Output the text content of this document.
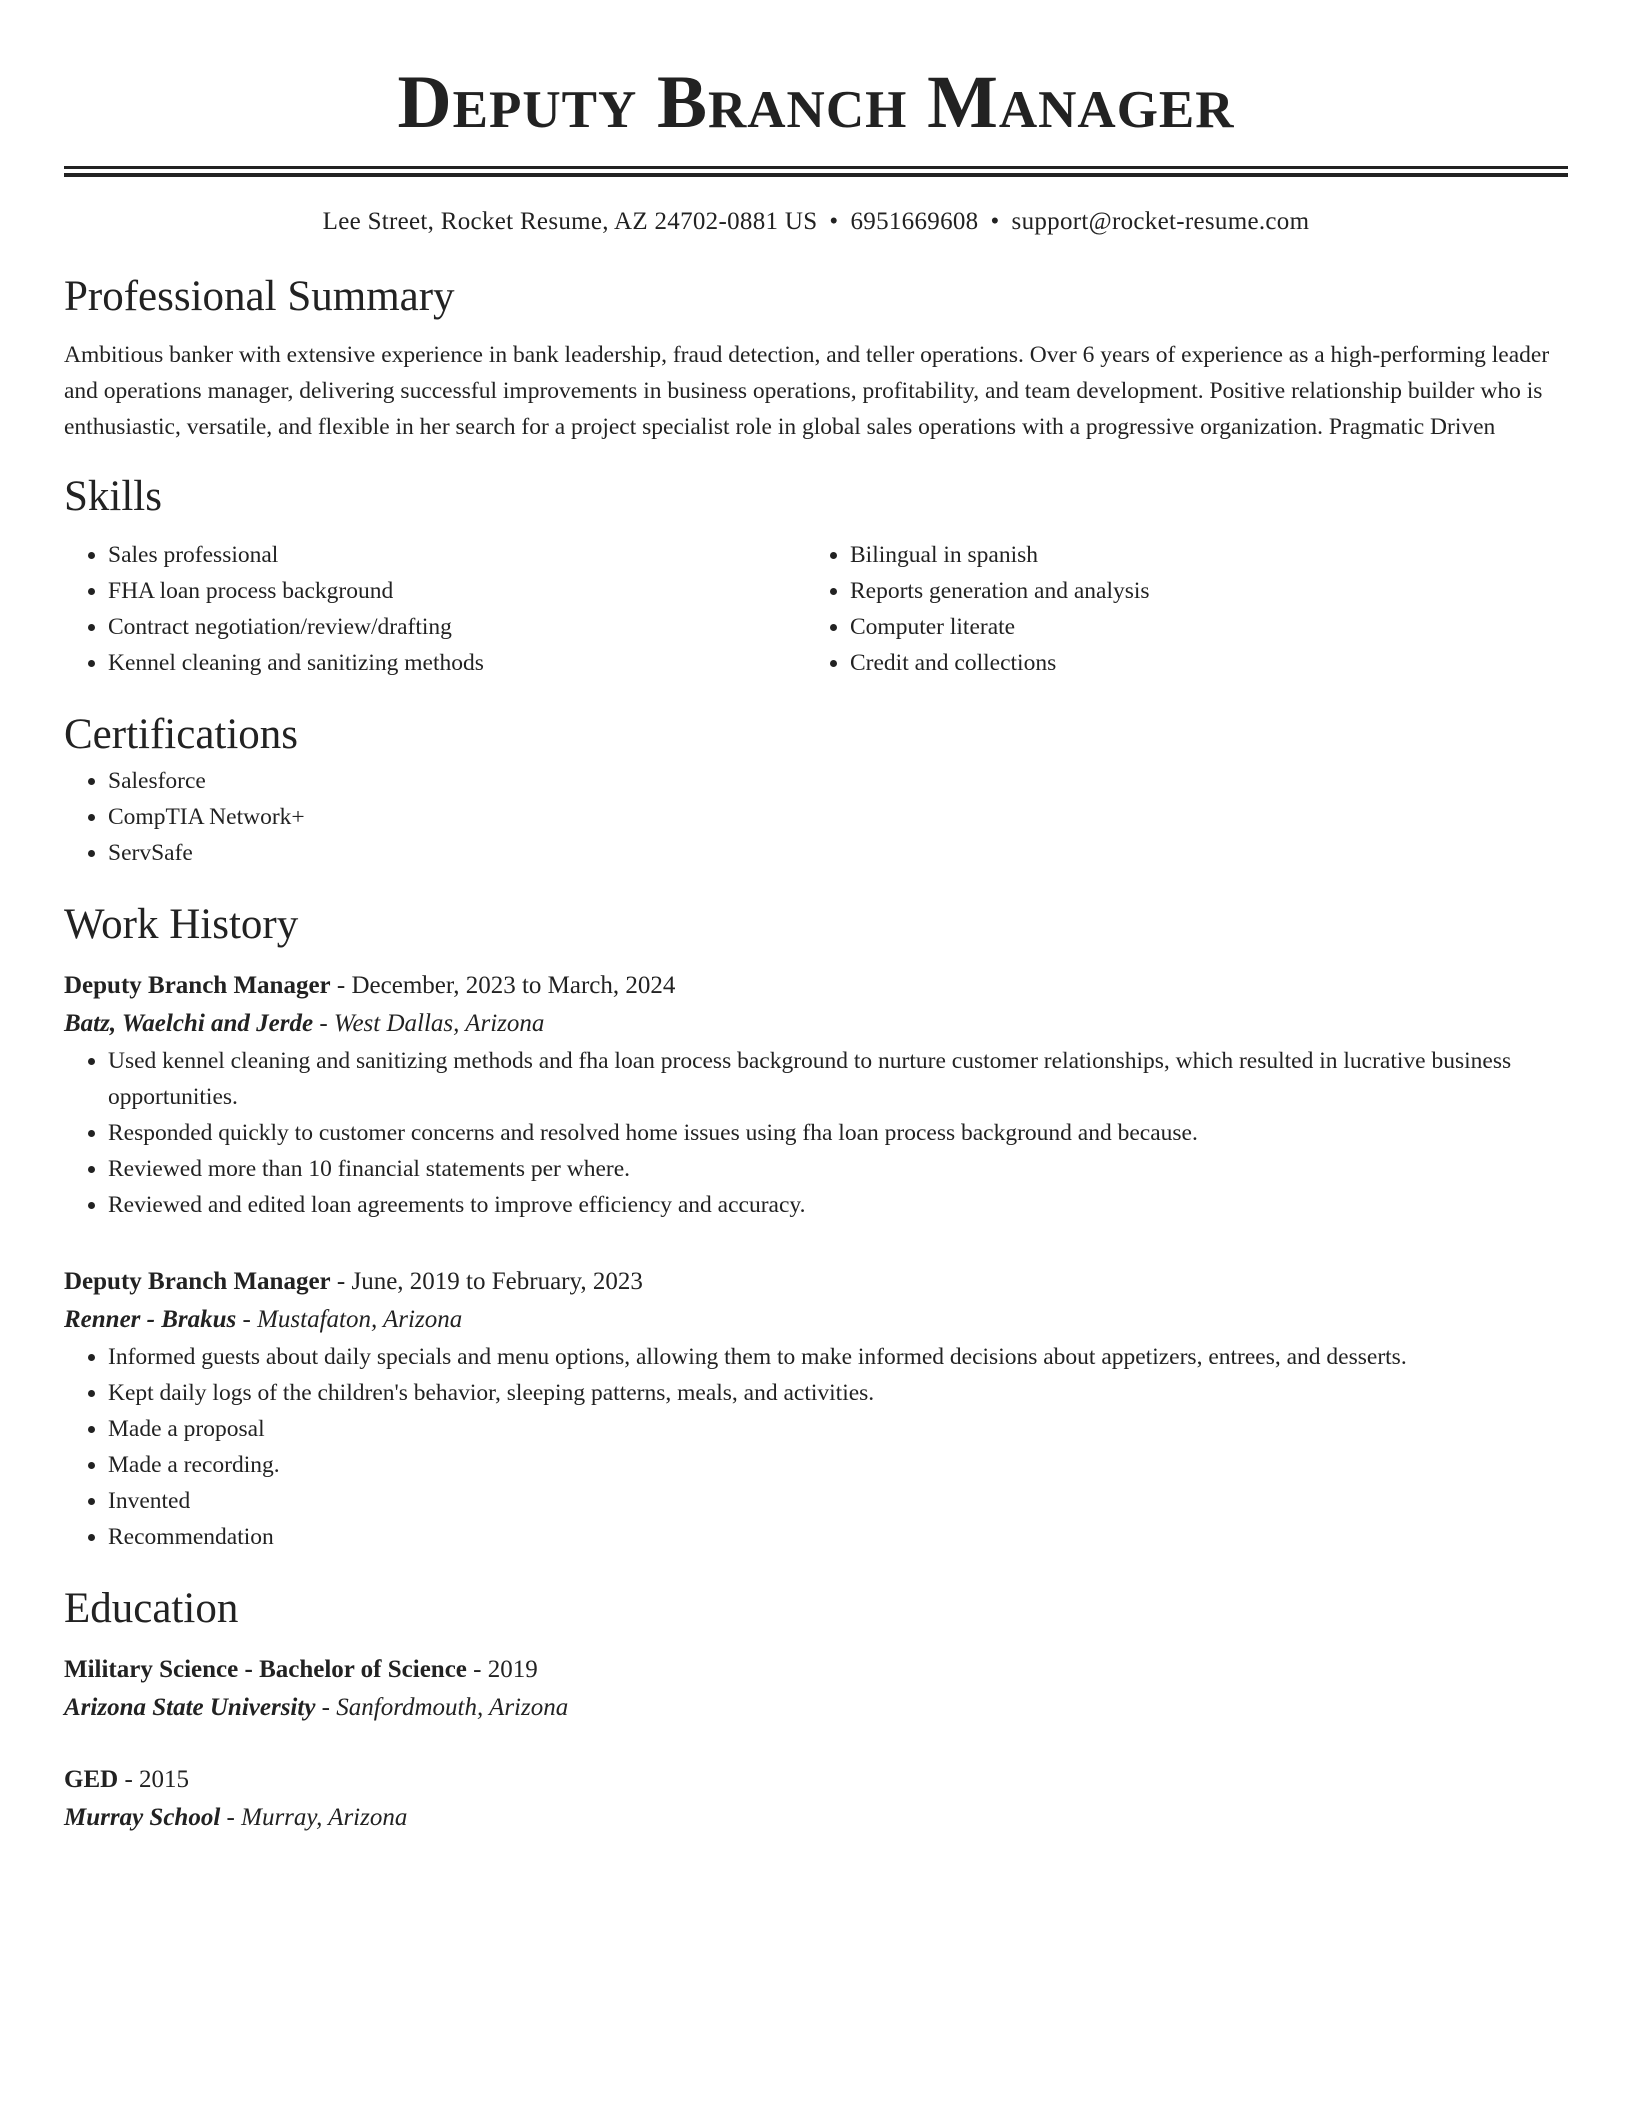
Deputy Branch Manager
Lee Street, Rocket Resume, AZ 24702-0881 US • 6951669608 • support@rocket-resume.com
Professional Summary

Ambitious banker with extensive experience in bank leadership, fraud detection, and teller operations. Over 6 years of experience as a high-performing leader and operations manager, delivering successful improvements in business operations, profitability, and team development. Positive relationship builder who is enthusiastic, versatile, and flexible in her search for a project specialist role in global sales operations with a progressive organization. Pragmatic Driven

Skills
• Sales professional
• FHA loan process background
• Contract negotiation/review/drafting
• Kennel cleaning and sanitizing methods
• Bilingual in spanish
• Reports generation and analysis
• Computer literate
• Credit and collections
Certifications
• Salesforce
• CompTIA Network+
• ServSafe
Work History
Deputy Branch Manager - December, 2023 to March, 2024
Batz, Waelchi and Jerde - West Dallas, Arizona
• Used kennel cleaning and sanitizing methods and fha loan process background to nurture customer relationships, which resulted in lucrative business opportunities.
• Responded quickly to customer concerns and resolved home issues using fha loan process background and because.
• Reviewed more than 10 financial statements per where.
• Reviewed and edited loan agreements to improve efficiency and accuracy.
Deputy Branch Manager - June, 2019 to February, 2023
Renner - Brakus - Mustafaton, Arizona
• Informed guests about daily specials and menu options, allowing them to make informed decisions about appetizers, entrees, and desserts.
• Kept daily logs of the children's behavior, sleeping patterns, meals, and activities.
• Made a proposal
• Made a recording.
• Invented
• Recommendation
Education
Military Science - Bachelor of Science - 2019
Arizona State University - Sanfordmouth, Arizona
GED - 2015
Murray School - Murray, Arizona
